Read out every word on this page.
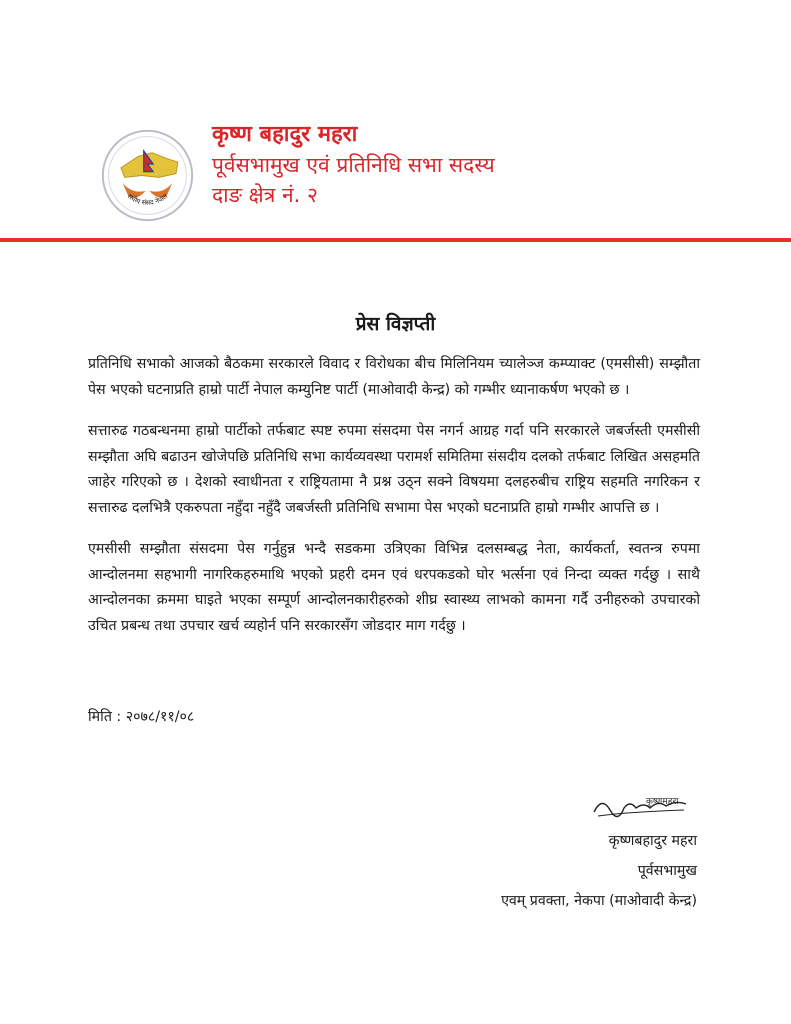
संघीय संसद नेपाल
कृष्ण बहादुर महरा
पूर्वसभामुख एवं प्रतिनिधि सभा सदस्य
दाङ क्षेत्र नं. २
प्रेस विज्ञप्ती

प्रतिनिधि सभाको आजको बैठकमा सरकारले विवाद र विरोधका बीच मिलिनियम च्यालेञ्ज कम्प्याक्ट (एमसीसी) सम्झौता पेस भएको घटनाप्रति हाम्रो पार्टी नेपाल कम्युनिष्ट पार्टी (माओवादी केन्द्र) को गम्भीर ध्यानाकर्षण भएको छ ।

सत्तारुढ गठबन्धनमा हाम्रो पार्टीको तर्फबाट स्पष्ट रुपमा संसदमा पेस नगर्न आग्रह गर्दा पनि सरकारले जबर्जस्ती एमसीसी सम्झौता अघि बढाउन खोजेपछि प्रतिनिधि सभा कार्यव्यवस्था परामर्श समितिमा संसदीय दलको तर्फबाट लिखित असहमति जाहेर गरिएको छ । देशको स्वाधीनता र राष्ट्रियतामा नै प्रश्न उठ्न सक्ने विषयमा दलहरुबीच राष्ट्रिय सहमति नगरिकन र सत्तारुढ दलभित्रै एकरुपता नहुँदा नहुँदै जबर्जस्ती प्रतिनिधि सभामा पेस भएको घटनाप्रति हाम्रो गम्भीर आपत्ति छ ।

एमसीसी सम्झौता संसदमा पेस गर्नुहुन्न भन्दै सडकमा उत्रिएका विभिन्न दलसम्बद्ध नेता, कार्यकर्ता, स्वतन्त्र रुपमा आन्दोलनमा सहभागी नागरिकहरुमाथि भएको प्रहरी दमन एवं धरपकडको घोर भर्त्सना एवं निन्दा व्यक्त गर्दछु । साथै आन्दोलनका क्रममा घाइते भएका सम्पूर्ण आन्दोलनकारीहरुको शीघ्र स्वास्थ्य लाभको कामना गर्दै उनीहरुको उपचारको उचित प्रबन्ध तथा उपचार खर्च व्यहोर्न पनि सरकारसँग जोडदार माग गर्दछु ।

मिति : २०७८/११/०८
कृष्णमहरा
कृष्णबहादुर महरा
पूर्वसभामुख
एवम् प्रवक्ता, नेकपा (माओवादी केन्द्र)
